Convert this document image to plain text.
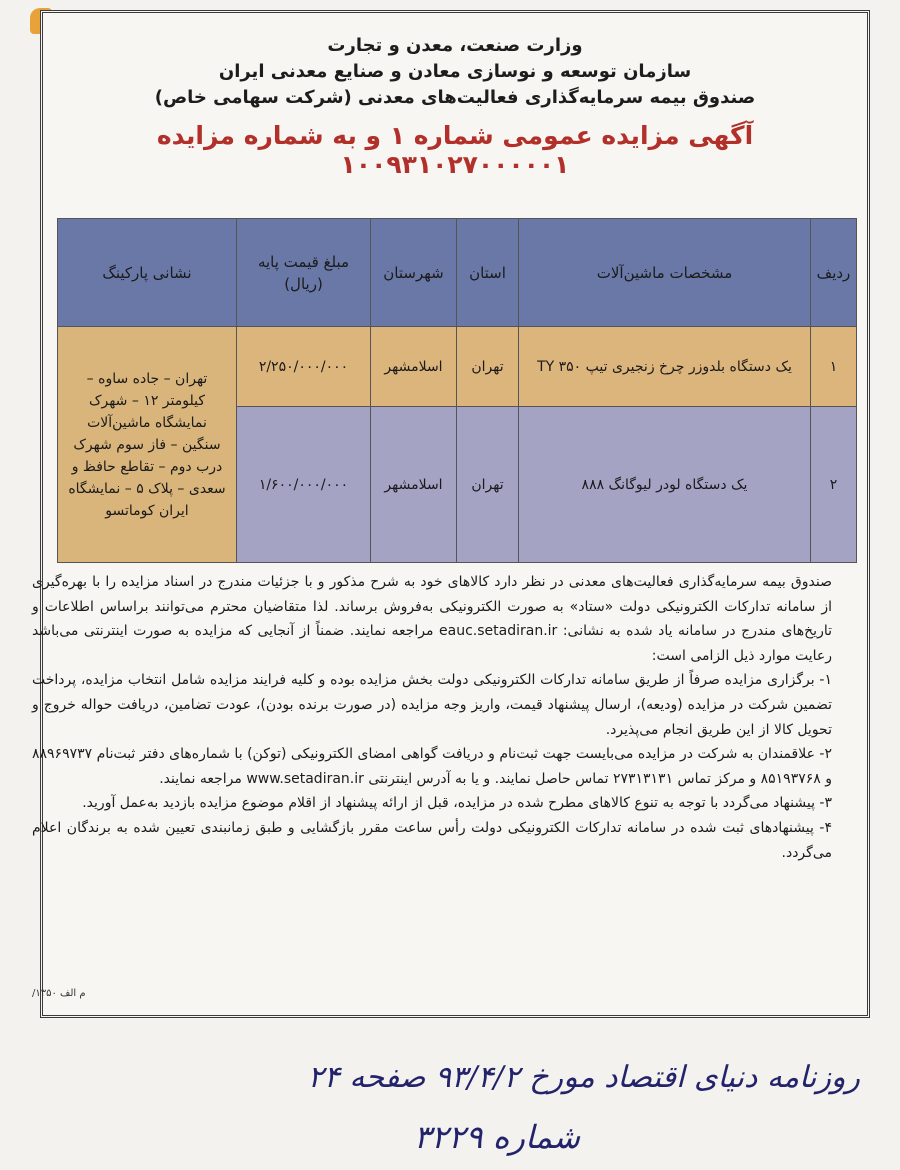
وزارت صنعت، معدن و تجارت
سازمان توسعه و نوسازی معادن و صنایع معدنی ایران
صندوق بیمه سرمایه‌گذاری فعالیت‌های معدنی (شرکت سهامی خاص)
آگهی مزایده عمومی شماره ۱ و به شماره مزایده ۱۰۰۹۳۱۰۲۷۰۰۰۰۰۱
ردیف	مشخصات ماشین‌آلات	استان	شهرستان	مبلغ قیمت پایه (ریال)	نشانی پارکینگ
۱	یک دستگاه بلدوزر چرخ زنجیری تیپ TY ۳۵۰	تهران	اسلامشهر	۲/۲۵۰/۰۰۰/۰۰۰	تهران – جاده ساوه – کیلومتر ۱۲ – شهرک نمایشگاه ماشین‌آلات سنگین – فاز سوم شهرک درب دوم – تقاطع حافظ و سعدی – پلاک ۵ – نمایشگاه ایران کوماتسو
۲	یک دستگاه لودر لیوگانگ ۸۸۸	تهران	اسلامشهر	۱/۶۰۰/۰۰۰/۰۰۰	

صندوق بیمه سرمایه‌گذاری فعالیت‌های معدنی در نظر دارد کالاهای خود به شرح مذکور و با جزئیات مندرج در اسناد مزایده را با بهره‌گیری از سامانه تدارکات الکترونیکی دولت «ستاد» به صورت الکترونیکی به‌فروش برساند. لذا متقاضیان محترم می‌توانند براساس اطلاعات و تاریخ‌های مندرج در سامانه یاد شده به نشانی: eauc.setadiran.ir مراجعه نمایند. ضمناً از آنجایی که مزایده به صورت اینترنتی می‌باشد رعایت موارد ذیل الزامی است:

۱- برگزاری مزایده صرفاً از طریق سامانه تدارکات الکترونیکی دولت بخش مزایده بوده و کلیه فرایند مزایده شامل انتخاب مزایده، پرداخت تضمین شرکت در مزایده (ودیعه)، ارسال پیشنهاد قیمت، واریز وجه مزایده (در صورت برنده بودن)، عودت تضامین، دریافت حواله خروج و تحویل کالا از این طریق انجام می‌پذیرد.

۲- علاقمندان به شرکت در مزایده می‌بایست جهت ثبت‌نام و دریافت گواهی امضای الکترونیکی (توکن) با شماره‌های دفتر ثبت‌نام ۸۸۹۶۹۷۳۷ و ۸۵۱۹۳۷۶۸ و مرکز تماس ۲۷۳۱۳۱۳۱ تماس حاصل نمایند. و یا به آدرس اینترنتی www.setadiran.ir مراجعه نمایند.

۳- پیشنهاد می‌گردد با توجه به تنوع کالاهای مطرح شده در مزایده، قبل از ارائه پیشنهاد از اقلام موضوع مزایده بازدید به‌عمل آورید.

۴- پیشنهادهای ثبت شده در سامانه تدارکات الکترونیکی دولت رأس ساعت مقرر بازگشایی و طبق زمانبندی تعیین شده به برندگان اعلام می‌گردد.

م الف ۱۳۵۰/
روزنامه دنیای اقتصاد مورخ ۹۳/۴/۲ صفحه ۲۴
شماره ۳۲۲۹
